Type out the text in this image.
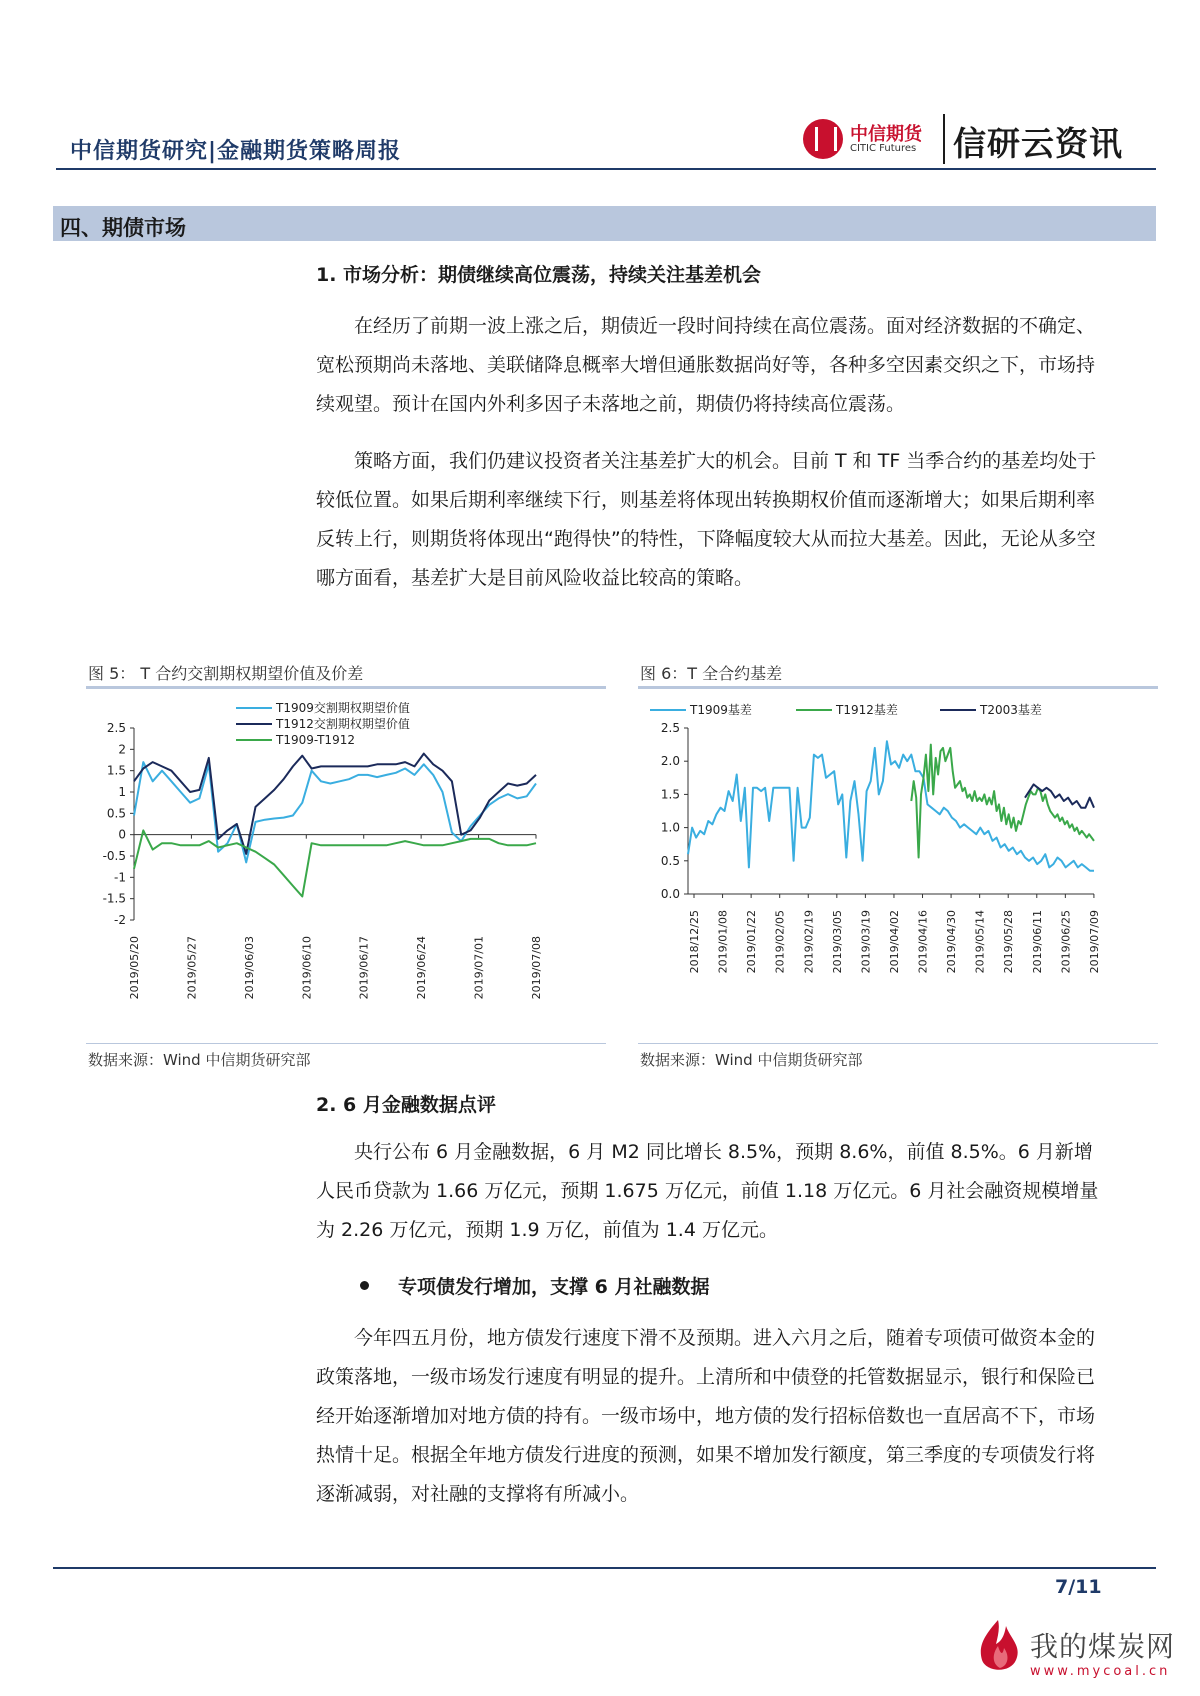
中信期货研究|金融期货策略周报
中信期货
CITIC Futures 信研云资讯
四、期债市场
1. 市场分析：期债继续高位震荡，持续关注基差机会

在经历了前期一波上涨之后，期债近一段时间持续在高位震荡。面对经济数据的不确定、宽松预期尚未落地、美联储降息概率大增但通胀数据尚好等，各种多空因素交织之下，市场持续观望。预计在国内外利多因子未落地之前，期债仍将持续高位震荡。

策略方面，我们仍建议投资者关注基差扩大的机会。目前 T 和 TF 当季合约的基差均处于较低位置。如果后期利率继续下行，则基差将体现出转换期权价值而逐渐增大；如果后期利率反转上行，则期货将体现出“跑得快”的特性，下降幅度较大从而拉大基差。因此，无论从多空哪方面看，基差扩大是目前风险收益比较高的策略。

图 5： T 合约交割期权期望价值及价差
2.5
2
1.5
1
0.5
0
-0.5
-1
-1.5
-2
2019/05/20	2019/05/27	2019/06/03	2019/06/10	2019/06/17	2019/06/24	2019/07/01	2019/07/08
T1909交割期权期望价值
T1912交割期权期望价值
T1909-T1912
数据来源：Wind 中信期货研究部
图 6：T 全合约基差
2.5
2.0
1.5
1.0
0.5
0.0
2018/12/25 2019/01/08 2019/01/22 2019/02/05 2019/02/19 2019/03/05 2019/03/19 2019/04/02 2019/04/16 2019/04/30 2019/05/14 2019/05/28 2019/06/11 2019/06/25 2019/07/09
T1909基差	T1912基差	T2003基差
数据来源：Wind 中信期货研究部
2. 6 月金融数据点评

央行公布 6 月金融数据，6 月 M2 同比增长 8.5%，预期 8.6%，前值 8.5%。6 月新增人民币贷款为 1.66 万亿元，预期 1.675 万亿元，前值 1.18 万亿元。6 月社会融资规模增量为 2.26 万亿元，预期 1.9 万亿，前值为 1.4 万亿元。

专项债发行增加，支撑 6 月社融数据

今年四五月份，地方债发行速度下滑不及预期。进入六月之后，随着专项债可做资本金的政策落地，一级市场发行速度有明显的提升。上清所和中债登的托管数据显示，银行和保险已经开始逐渐增加对地方债的持有。一级市场中，地方债的发行招标倍数也一直居高不下，市场热情十足。根据全年地方债发行进度的预测，如果不增加发行额度，第三季度的专项债发行将逐渐减弱，对社融的支撑将有所减小。

7/11
我的煤炭网
www.mycoal.cn
